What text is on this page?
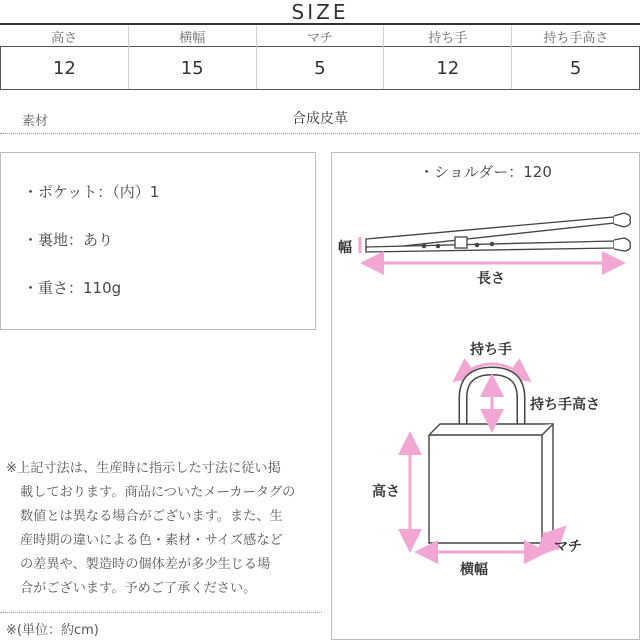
SIZE
高さ	横幅	マチ	持ち手	持ち手高さ
12	15	5	12	5
素材	合成皮革
・ポケット：（内）1
・裏地：あり
・重さ：110g
※上記寸法は、生産時に指示した寸法に従い掲
載しております。商品についたメーカータグの
数値とは異なる場合がございます。また、生
産時期の違いによる色・素材・サイズ感など
の差異や、製造時の個体差が多少生じる場
合がございます。予めご了承ください。
※(単位：約cm)
・ショルダー：120
幅
長さ
持ち手
持ち手高さ
高さ
横幅
マチ
